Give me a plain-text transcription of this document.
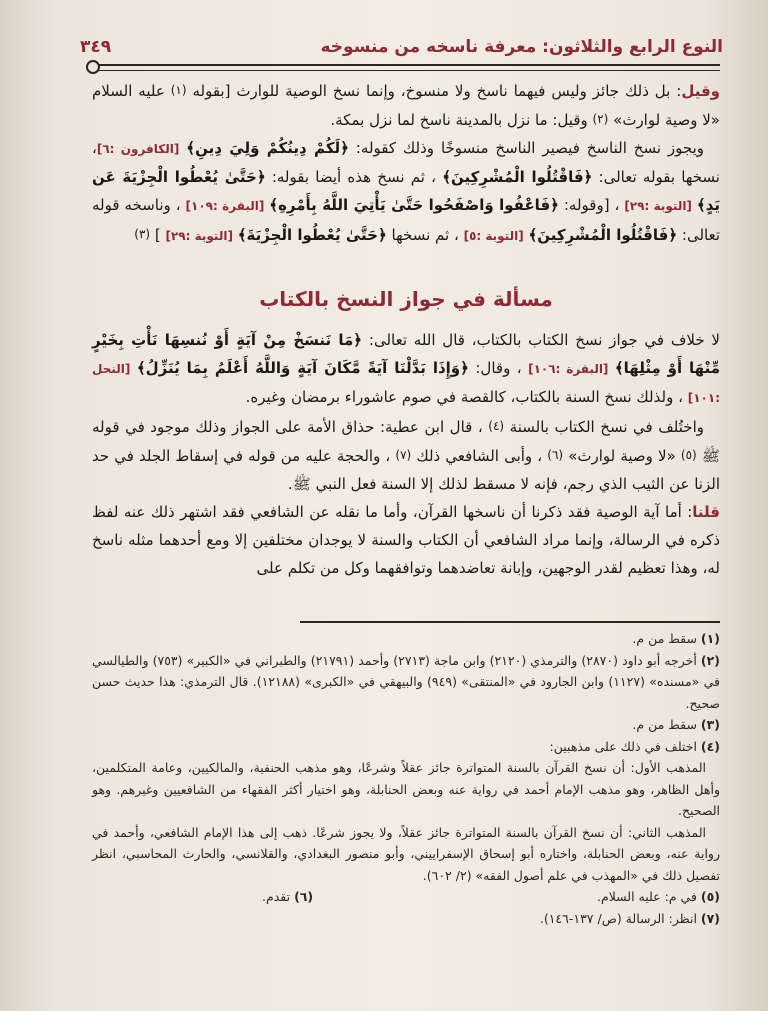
النوع الرابع والثلاثون: معرفة ناسخه من منسوخه
٣٤٩

وقيل: بل ذلك جائز وليس فيهما ناسخ ولا منسوخ، وإنما نسخ الوصية للوارث [بقوله (١) عليه السلام «لا وصية لوارث» (٢) وقيل: ما نزل بالمدينة ناسخ لما نزل بمكة.

ويجوز نسخ الناسخ فيصير الناسخ منسوخًا وذلك كقوله: ﴿لَكُمْ دِينُكُمْ وَلِيَ دِينِ﴾ [الكافرون :٦]، نسخها بقوله تعالى: ﴿فَاقْتُلُوا الْمُشْرِكِينَ﴾ ، ثم نسخ هذه أيضا بقوله: ﴿حَتَّىٰ يُعْطُوا الْجِزْيَةَ عَن يَدٍ﴾ [التوبة :٢٩] ، [وقوله: ﴿فَاعْفُوا وَاصْفَحُوا حَتَّىٰ يَأْتِيَ اللَّهُ بِأَمْرِهِ﴾ [البقرة :١٠٩] ، وناسخه قوله تعالى: ﴿فَاقْتُلُوا الْمُشْرِكِينَ﴾ [التوبة :٥] ، ثم نسخها ﴿حَتَّىٰ يُعْطُوا الْجِزْيَةَ﴾ [التوبة :٢٩] ] (٣)

مسألة في جواز النسخ بالكتاب

لا خلاف في جواز نسخ الكتاب بالكتاب، قال الله تعالى: ﴿مَا نَنسَخْ مِنْ آيَةٍ أَوْ نُنسِهَا نَأْتِ بِخَيْرٍ مِّنْهَا أَوْ مِثْلِهَا﴾ [البقرة :١٠٦] ، وقال: ﴿وَإِذَا بَدَّلْنَا آيَةً مَّكَانَ آيَةٍ وَاللَّهُ أَعْلَمُ بِمَا يُنَزِّلُ﴾ [النحل :١٠١] ، ولذلك نسخ السنة بالكتاب، كالقصة في صوم عاشوراء برمضان وغيره.

واختُلف في نسخ الكتاب بالسنة (٤) ، قال ابن عطية: حذاق الأمة على الجواز وذلك موجود في قوله ﷺ (٥) «لا وصية لوارث» (٦) ، وأبى الشافعي ذلك (٧) ، والحجة عليه من قوله في إسقاط الجلد في حد الزنا عن الثيب الذي رجم، فإنه لا مسقط لذلك إلا السنة فعل النبي ﷺ.

قلنا: أما آية الوصية فقد ذكرنا أن ناسخها القرآن، وأما ما نقله عن الشافعي فقد اشتهر ذلك عنه لفظ ذكره في الرسالة، وإنما مراد الشافعي أن الكتاب والسنة لا يوجدان مختلفين إلا ومع أحدهما مثله ناسخ له، وهذا تعظيم لقدر الوجهين، وإبانة تعاضدهما وتوافقهما وكل من تكلم على

(١) سقط من م.

(٢) أخرجه أبو داود (٢٨٧٠) والترمذي (٢١٢٠) وابن ماجة (٢٧١٣) وأحمد (٢١٧٩١) والطبراني في «الكبير» (٧٥٣) والطيالسي في «مسنده» (١١٢٧) وابن الجارود في «المنتقى» (٩٤٩) والبيهقي في «الكبرى» (١٢١٨٨). قال الترمذي: هذا حديث حسن صحيح.

(٣) سقط من م.

(٤) اختلف في ذلك على مذهبين:

المذهب الأول: أن نسخ القرآن بالسنة المتواترة جائز عقلاً وشرعًا، وهو مذهب الحنفية، والمالكيين، وعامة المتكلمين، وأهل الظاهر، وهو مذهب الإمام أحمد في رواية عنه وبعض الحنابلة، وهو اختيار أكثر الفقهاء من الشافعيين وغيرهم. وهو الصحيح.

المذهب الثاني: أن نسخ القرآن بالسنة المتواترة جائز عقلاً، ولا يجوز شرعًا. ذهب إلى هذا الإمام الشافعي، وأحمد في رواية عنه، وبعض الحنابلة، واختاره أبو إسحاق الإسفراييني، وأبو منصور البغدادي، والقلانسي، والحارث المحاسبي، انظر تفصيل ذلك في «المهذب في علم أصول الفقه» (٢/ ٦٠٢).

(٥) في م: عليه السلام.
(٦) تقدم.

(٧) انظر: الرسالة (ص/ ١٣٧-١٤٦).
